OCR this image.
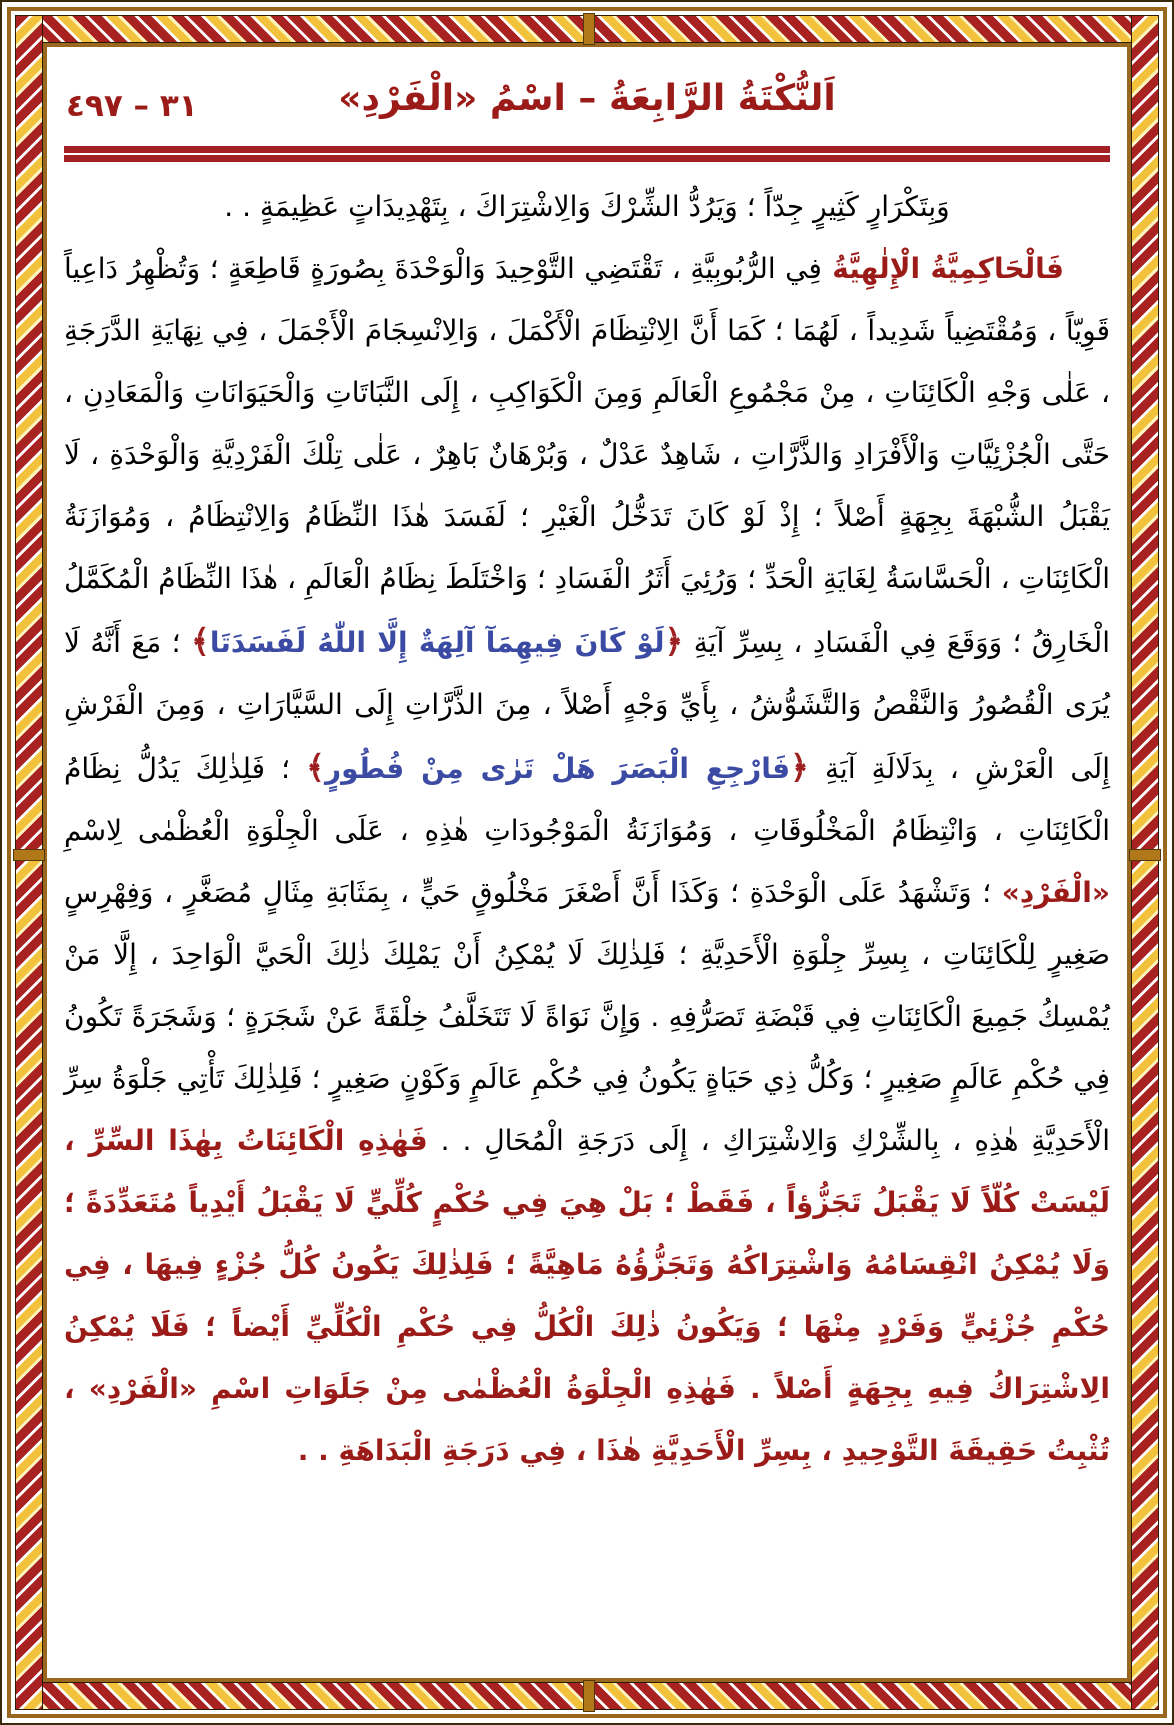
٣١ – ٤٩٧	اَلنُّكْتَةُ الرَّابِعَةُ – اسْمُ «الْفَرْدِ»
وَبِتَكْرَارٍ كَثِيرٍ جِدّاً ؛ وَيَرُدُّ الشِّرْكَ وَالِاشْتِرَاكَ ، بِتَهْدِيدَاتٍ عَظِيمَةٍ . .
فَالْحَاكِمِيَّةُ الْإِلٰهِيَّةُ فِي الرُّبُوبِيَّةِ ، تَقْتَضِي التَّوْحِيدَ وَالْوَحْدَةَ بِصُورَةٍ قَاطِعَةٍ ؛ وَتُظْهِرُ دَاعِياً قَوِيّاً ، وَمُقْتَضِياً شَدِيداً ، لَهُمَا ؛ كَمَا أَنَّ الِانْتِظَامَ الْأَكْمَلَ ، وَالِانْسِجَامَ الْأَجْمَلَ ، فِي نِهَايَةِ الدَّرَجَةِ ، عَلٰى وَجْهِ الْكَائِنَاتِ ، مِنْ مَجْمُوعِ الْعَالَمِ وَمِنَ الْكَوَاكِبِ ، إِلَى النَّبَاتَاتِ وَالْحَيَوَانَاتِ وَالْمَعَادِنِ ، حَتَّى الْجُزْئِيَّاتِ وَالْأَفْرَادِ وَالذَّرَّاتِ ، شَاهِدٌ عَدْلٌ ، وَبُرْهَانٌ بَاهِرٌ ، عَلٰى تِلْكَ الْفَرْدِيَّةِ وَالْوَحْدَةِ ، لَا يَقْبَلُ الشُّبْهَةَ بِجِهَةٍ أَصْلاً ؛ إِذْ لَوْ كَانَ تَدَخُّلُ الْغَيْرِ ؛ لَفَسَدَ هٰذَا النِّظَامُ وَالِانْتِظَامُ ، وَمُوَازَنَةُ الْكَائِنَاتِ ، الْحَسَّاسَةُ لِغَايَةِ الْحَدِّ ؛ وَرُئِيَ أَثَرُ الْفَسَادِ ؛ وَاخْتَلَطَ نِظَامُ الْعَالَمِ ، هٰذَا النِّظَامُ الْمُكَمَّلُ الْخَارِقُ ؛ وَوَقَعَ فِي الْفَسَادِ ، بِسِرِّ آيَةِ ﴿لَوْ كَانَ فِيهِمَآ آلِهَةٌ إِلَّا اللّٰهُ لَفَسَدَتَا﴾ ؛ مَعَ أَنَّهُ لَا يُرَى الْقُصُورُ وَالنَّقْصُ وَالتَّشَوُّشُ ، بِأَيِّ وَجْهٍ أَصْلاً ، مِنَ الذَّرَّاتِ إِلَى السَّيَّارَاتِ ، وَمِنَ الْفَرْشِ إِلَى الْعَرْشِ ، بِدَلَالَةِ آيَةِ ﴿فَارْجِعِ الْبَصَرَ هَلْ تَرٰى مِنْ فُطُورٍ﴾ ؛ فَلِذٰلِكَ يَدُلُّ نِظَامُ الْكَائِنَاتِ ، وَانْتِظَامُ الْمَخْلُوقَاتِ ، وَمُوَازَنَةُ الْمَوْجُودَاتِ هٰذِهِ ، عَلَى الْجِلْوَةِ الْعُظْمٰى لِاسْمِ «الْفَرْدِ» ؛ وَتَشْهَدُ عَلَى الْوَحْدَةِ ؛ وَكَذَا أَنَّ أَصْغَرَ مَخْلُوقٍ حَيٍّ ، بِمَثَابَةِ مِثَالٍ مُصَغَّرٍ ، وَفِهْرِسٍ صَغِيرٍ لِلْكَائِنَاتِ ، بِسِرِّ جِلْوَةِ الْأَحَدِيَّةِ ؛ فَلِذٰلِكَ لَا يُمْكِنُ أَنْ يَمْلِكَ ذٰلِكَ الْحَيَّ الْوَاحِدَ ، إِلَّا مَنْ يُمْسِكُ جَمِيعَ الْكَائِنَاتِ فِي قَبْضَةِ تَصَرُّفِهِ . وَإِنَّ نَوَاةً لَا تَتَخَلَّفُ خِلْقَةً عَنْ شَجَرَةٍ ؛ وَشَجَرَةً تَكُونُ فِي حُكْمِ عَالَمٍ صَغِيرٍ ؛ وَكُلُّ ذِي حَيَاةٍ يَكُونُ فِي حُكْمِ عَالَمٍ وَكَوْنٍ صَغِيرٍ ؛ فَلِذٰلِكَ تَأْتِي جَلْوَةُ سِرِّ الْأَحَدِيَّةِ هٰذِهِ ، بِالشِّرْكِ وَالِاشْتِرَاكِ ، إِلَى دَرَجَةِ الْمُحَالِ . . فَهٰذِهِ الْكَائِنَاتُ بِهٰذَا السِّرِّ ، لَيْسَتْ كُلّاً لَا يَقْبَلُ تَجَزُّؤاً ، فَقَطْ ؛ بَلْ هِيَ فِي حُكْمٍ كُلِّيٍّ لَا يَقْبَلُ أَيْدِياً مُتَعَدِّدَةً ؛ وَلَا يُمْكِنُ انْقِسَامُهُ وَاشْتِرَاكُهُ وَتَجَزُّؤُهُ مَاهِيَّةً ؛ فَلِذٰلِكَ يَكُونُ كُلُّ جُزْءٍ فِيهَا ، فِي حُكْمِ جُزْئِيٍّ وَفَرْدٍ مِنْهَا ؛ وَيَكُونُ ذٰلِكَ الْكُلُّ فِي حُكْمِ الْكُلِّيِّ أَيْضاً ؛ فَلَا يُمْكِنُ الِاشْتِرَاكُ فِيهِ بِجِهَةٍ أَصْلاً . فَهٰذِهِ الْجِلْوَةُ الْعُظْمٰى مِنْ جَلَوَاتِ اسْمِ «الْفَرْدِ» ، تُثْبِتُ حَقِيقَةَ التَّوْحِيدِ ، بِسِرِّ الْأَحَدِيَّةِ هٰذَا ، فِي دَرَجَةِ الْبَدَاهَةِ . .
